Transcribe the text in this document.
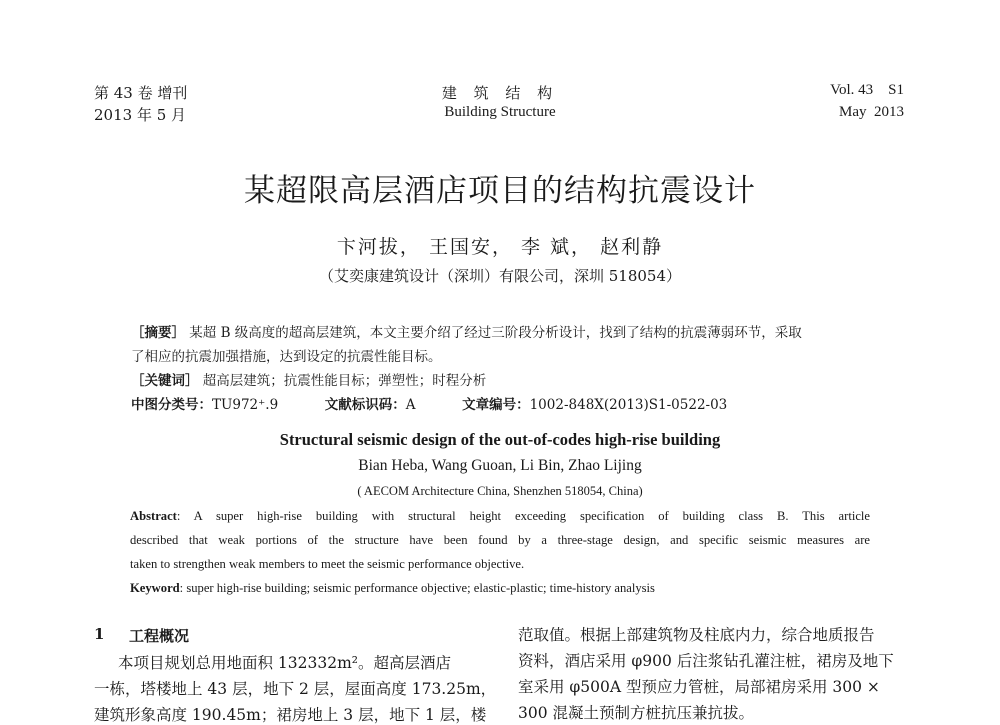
第 43 卷 增刊
2013 年 5 月
建 筑 结 构
Building Structure
Vol. 43    S1
May  2013
某超限高层酒店项目的结构抗震设计
卞河拔， 王国安， 李 斌， 赵利静
（艾奕康建筑设计（深圳）有限公司，深圳 518054）
［摘要］ 某超 B 级高度的超高层建筑，本文主要介绍了经过三阶段分析设计，找到了结构的抗震薄弱环节，采取
了相应的抗震加强措施，达到设定的抗震性能目标。
［关键词］ 超高层建筑；抗震性能目标；弹塑性；时程分析
中图分类号：TU972⁺.9	文献标识码：A	文章编号：1002-848X(2013)S1-0522-03
Structural seismic design of the out-of-codes high-rise building
Bian Heba, Wang Guoan, Li Bin, Zhao Lijing
( AECOM Architecture China, Shenzhen 518054, China)
Abstract: A super high-rise building with structural height exceeding specification of building class B. This article
described that weak portions of the structure have been found by a three-stage design, and specific seismic measures are
taken to strengthen weak members to meet the seismic performance objective.
Keyword: super high-rise building; seismic performance objective; elastic-plastic; time-history analysis
1 工程概况
本项目规划总用地面积 132332m²。超高层酒店
一栋，塔楼地上 43 层，地下 2 层，屋面高度 173.25m，
建筑形象高度 190.45m；裙房地上 3 层，地下 1 层，楼
范取值。根据上部建筑物及柱底内力，综合地质报告
资料，酒店采用 φ900 后注浆钻孔灌注桩，裙房及地下
室采用 φ500A 型预应力管桩，局部裙房采用 300 ×
300 混凝土预制方桩抗压兼抗拔。
